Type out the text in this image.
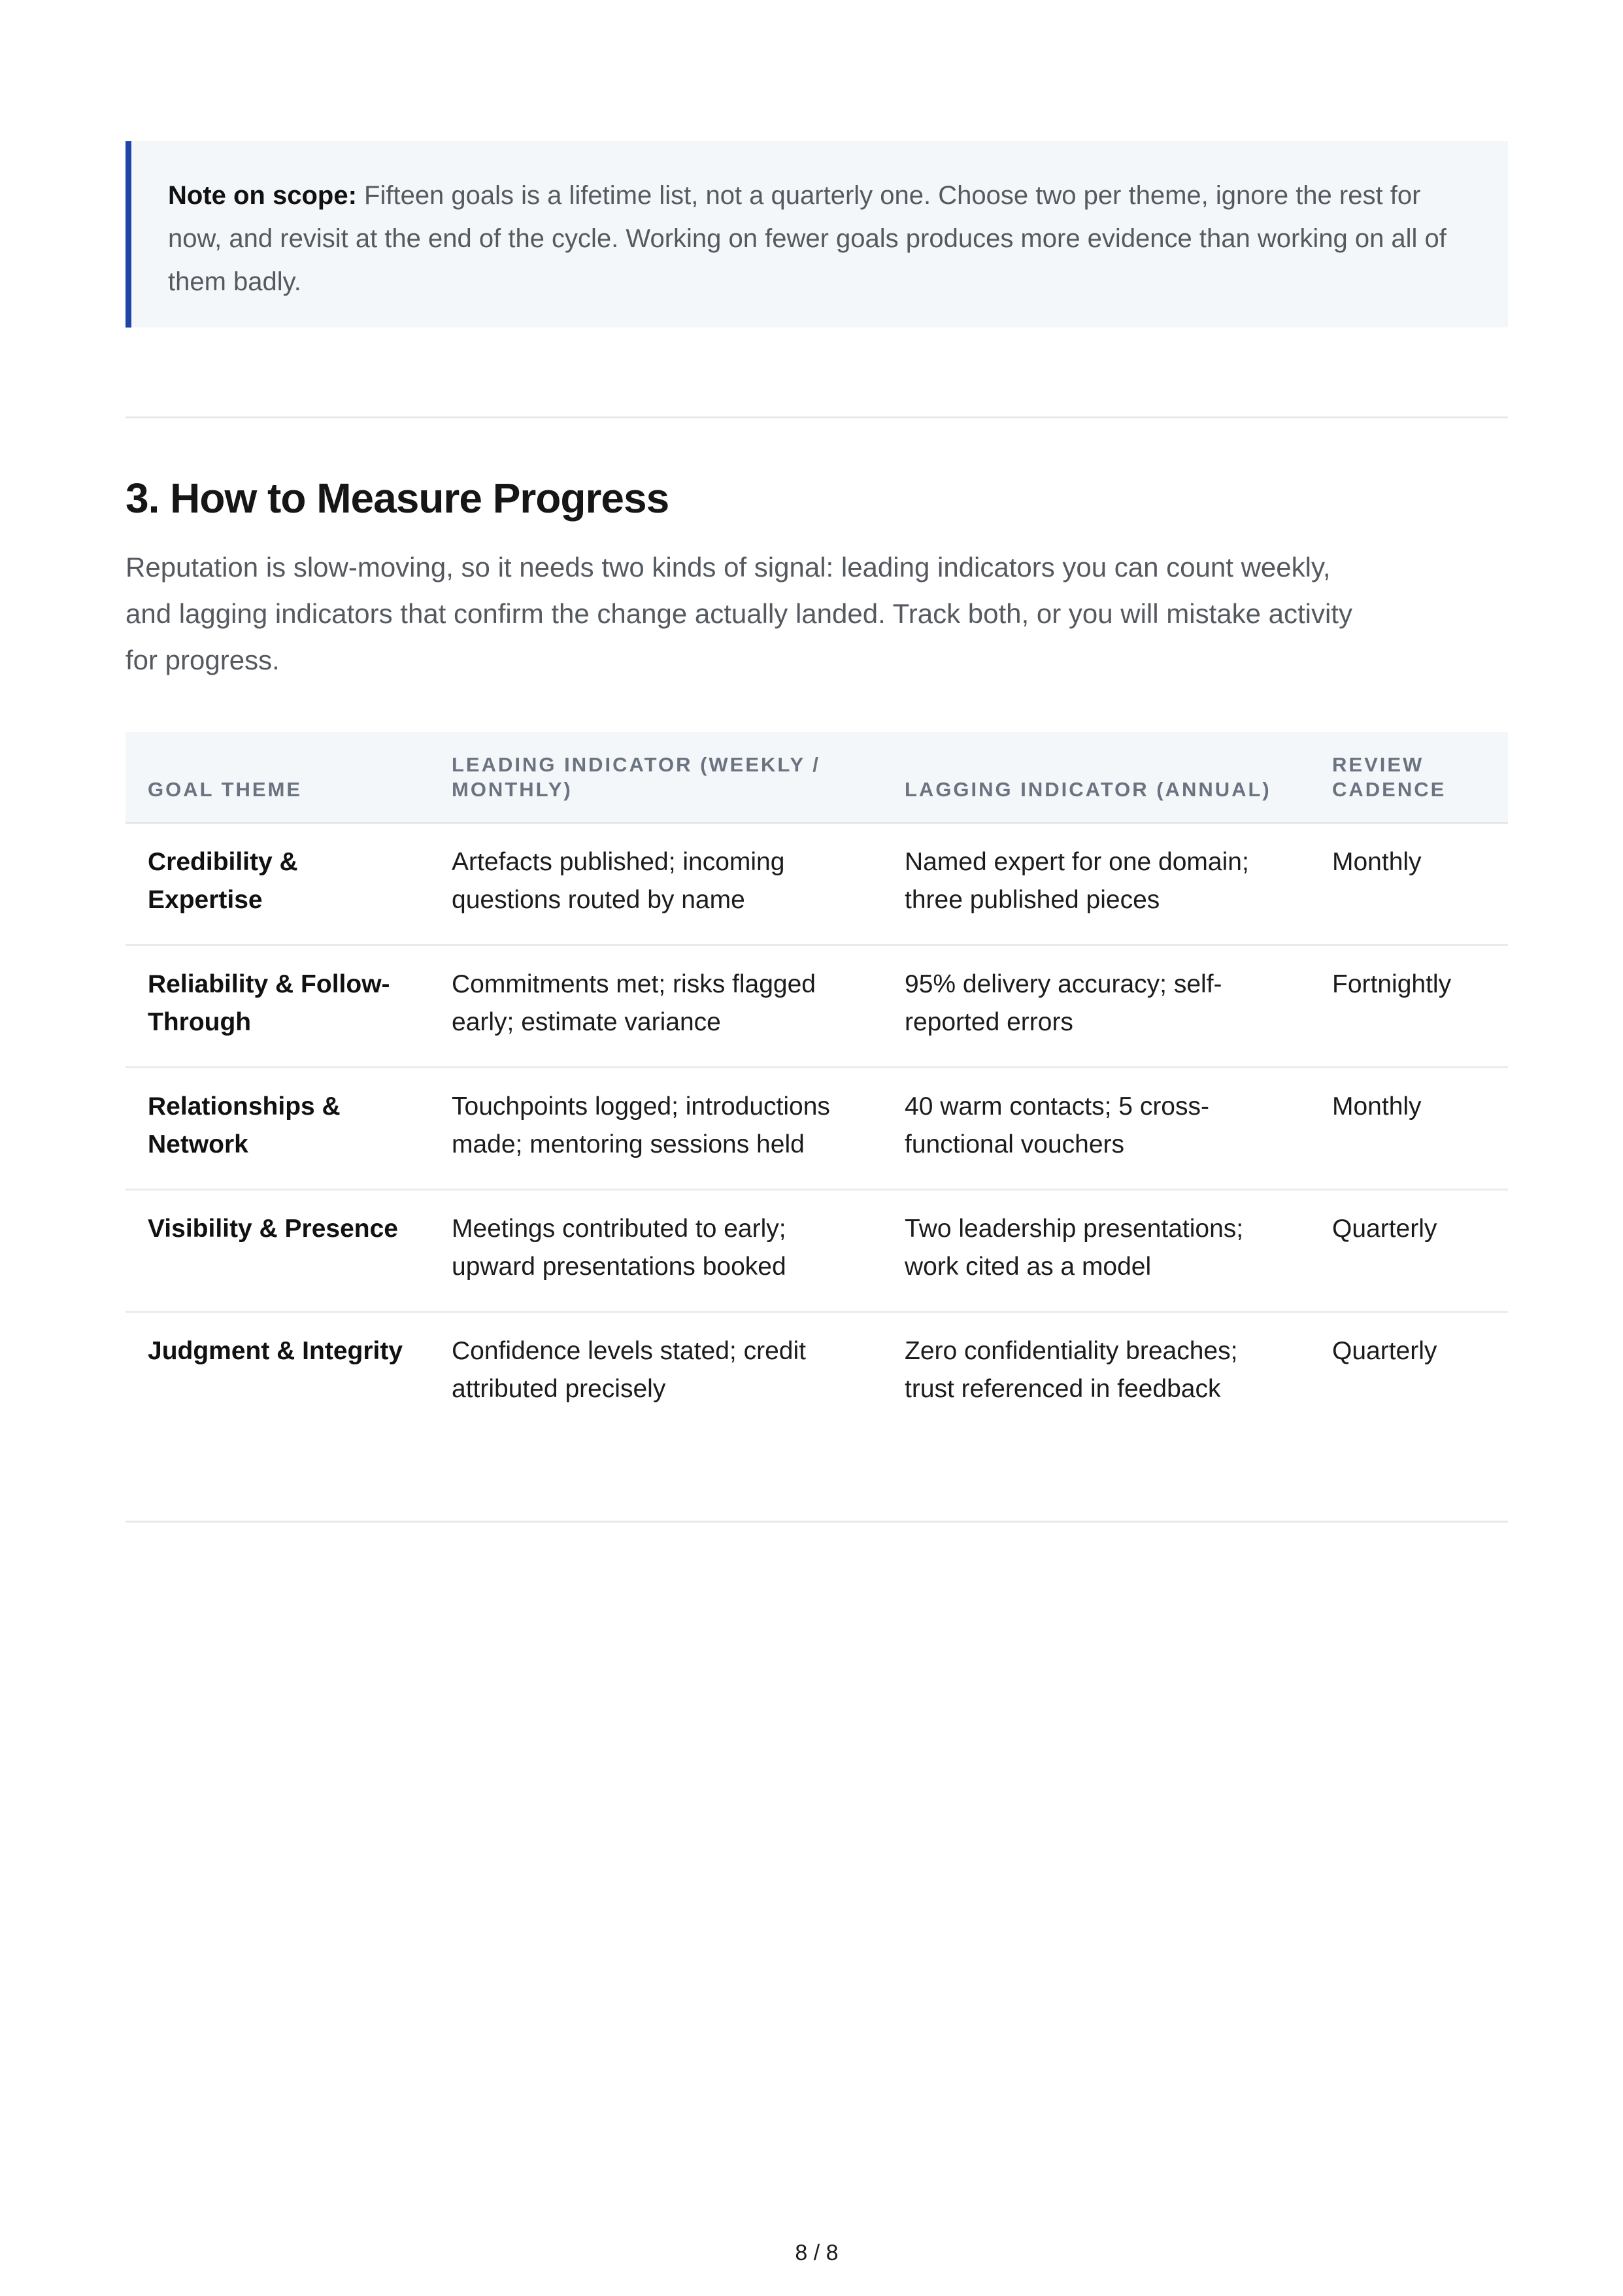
Note on scope: Fifteen goals is a lifetime list, not a quarterly one. Choose two per theme, ignore the rest for now, and revisit at the end of the cycle. Working on fewer goals produces more evidence than working on all of them badly.

3. How to Measure Progress

Reputation is slow-moving, so it needs two kinds of signal: leading indicators you can count weekly, and lagging indicators that confirm the change actually landed. Track both, or you will mistake activity for progress.

GOAL THEME	LEADING INDICATOR (WEEKLY / MONTHLY)	LAGGING INDICATOR (ANNUAL)	REVIEW CADENCE
Credibility & Expertise	Artefacts published; incoming questions routed by name	Named expert for one domain; three published pieces	Monthly
Reliability & Follow-Through	Commitments met; risks flagged early; estimate variance	95% delivery accuracy; self-reported errors	Fortnightly
Relationships & Network	Touchpoints logged; introductions made; mentoring sessions held	40 warm contacts; 5 cross-functional vouchers	Monthly
Visibility & Presence	Meetings contributed to early; upward presentations booked	Two leadership presentations; work cited as a model	Quarterly
Judgment & Integrity	Confidence levels stated; credit attributed precisely	Zero confidentiality breaches; trust referenced in feedback	Quarterly
8 / 8
